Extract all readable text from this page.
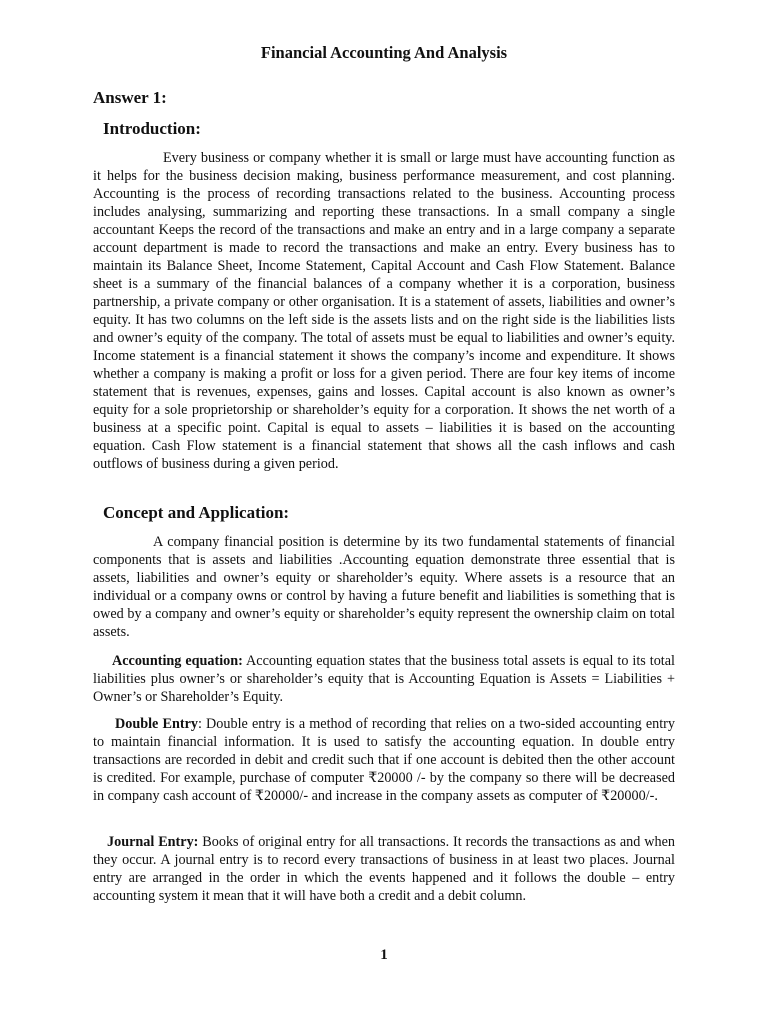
Financial Accounting And Analysis
Answer 1:
Introduction:

Every business or company whether it is small or large must have accounting function as it helps for the business decision making, business performance measurement, and cost planning. Accounting is the process of recording transactions related to the business. Accounting process includes analysing, summarizing and reporting these transactions. In a small company a single accountant Keeps the record of the transactions and make an entry and in a large company a separate account department is made to record the transactions and make an entry. Every business has to maintain its Balance Sheet, Income Statement, Capital Account and Cash Flow Statement. Balance sheet is a summary of the financial balances of a company whether it is a corporation, business partnership, a private company or other organisation. It is a statement of assets, liabilities and owner’s equity. It has two columns on the left side is the assets lists and on the right side is the liabilities lists and owner’s equity of the company. The total of assets must be equal to liabilities and owner’s equity. Income statement is a financial statement it shows the company’s income and expenditure. It shows whether a company is making a profit or loss for a given period. There are four key items of income statement that is revenues, expenses, gains and losses. Capital account is also known as owner’s equity for a sole proprietorship or shareholder’s equity for a corporation. It shows the net worth of a business at a specific point. Capital is equal to assets – liabilities it is based on the accounting equation. Cash Flow statement is a financial statement that shows all the cash inflows and cash outflows of business during a given period.

Concept and Application:

A company financial position is determine by its two fundamental statements of financial components that is assets and liabilities .Accounting equation demonstrate three essential that is assets, liabilities and owner’s equity or shareholder’s equity. Where assets is a resource that an individual or a company owns or control by having a future benefit and liabilities is something that is owed by a company and owner’s equity or shareholder’s equity represent the ownership claim on total assets.

Accounting equation: Accounting equation states that the business total assets is equal to its total liabilities plus owner’s or shareholder’s equity that is Accounting Equation is Assets = Liabilities + Owner’s or Shareholder’s Equity.

Double Entry: Double entry is a method of recording that relies on a two-sided accounting entry to maintain financial information. It is used to satisfy the accounting equation. In double entry transactions are recorded in debit and credit such that if one account is debited then the other account is credited. For example, purchase of computer ₹20000 /- by the company so there will be decreased in company cash account of ₹20000/- and increase in the company assets as computer of ₹20000/-.

Journal Entry: Books of original entry for all transactions. It records the transactions as and when they occur. A journal entry is to record every transactions of business in at least two places. Journal entry are arranged in the order in which the events happened and it follows the double – entry accounting system it mean that it will have both a credit and a debit column.

1
